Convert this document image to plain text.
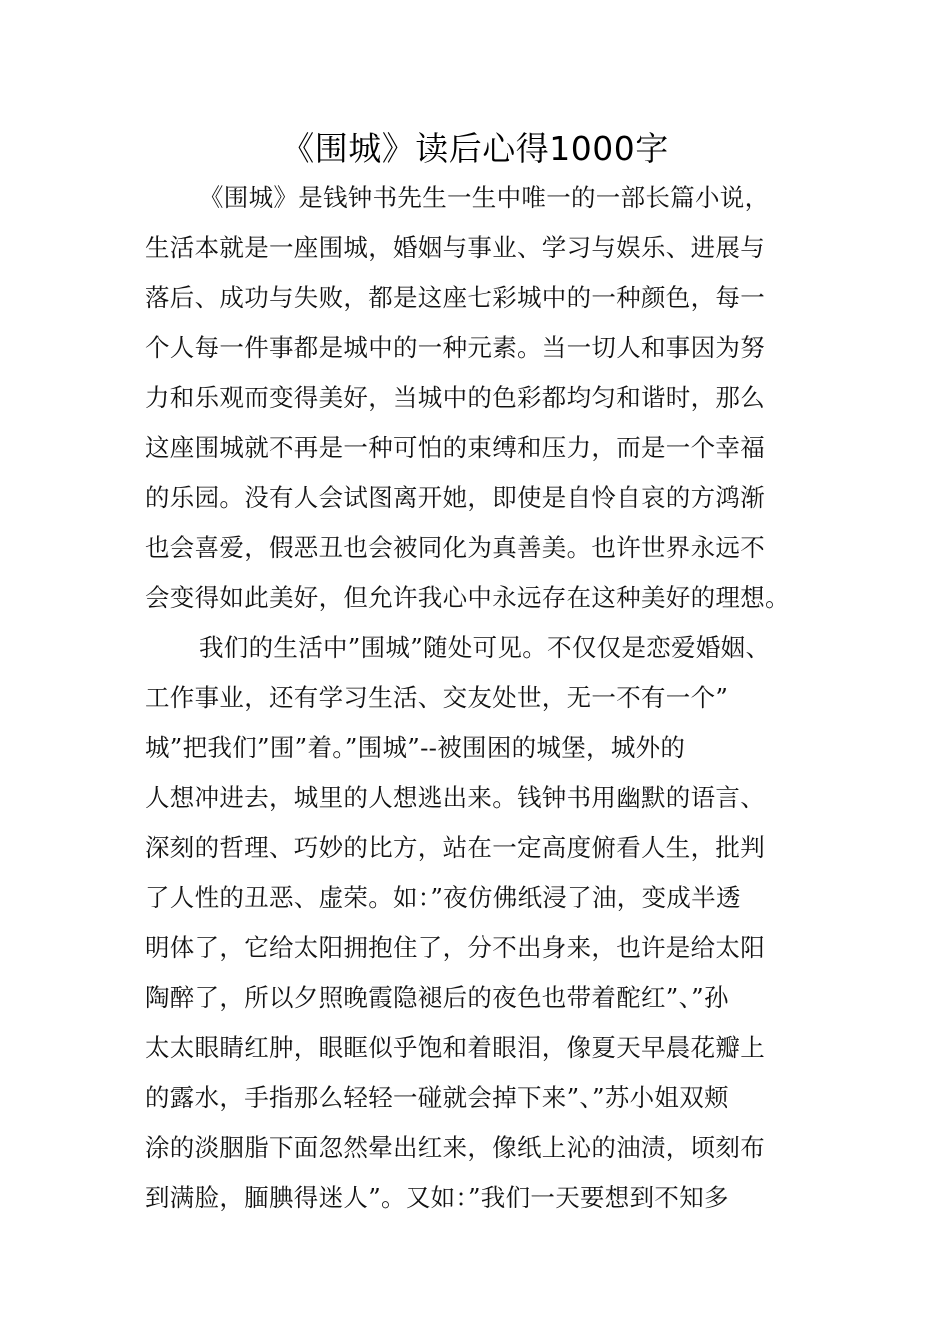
《围城》读后心得1000字
《围城》是钱钟书先生一生中唯一的一部长篇小说，
生活本就是一座围城，婚姻与事业、学习与娱乐、进展与
落后、成功与失败，都是这座七彩城中的一种颜色，每一
个人每一件事都是城中的一种元素。当一切人和事因为努
力和乐观而变得美好，当城中的色彩都均匀和谐时，那么
这座围城就不再是一种可怕的束缚和压力，而是一个幸福
的乐园。没有人会试图离开她，即使是自怜自哀的方鸿渐
也会喜爱，假恶丑也会被同化为真善美。也许世界永远不
会变得如此美好，但允许我心中永远存在这种美好的理想。
我们的生活中”围城”随处可见。不仅仅是恋爱婚姻、
工作事业，还有学习生活、交友处世，无一不有一个”
城”把我们”围”着。”围城”--被围困的城堡，城外的
人想冲进去，城里的人想逃出来。钱钟书用幽默的语言、
深刻的哲理、巧妙的比方，站在一定高度俯看人生，批判
了人性的丑恶、虚荣。如：”夜仿佛纸浸了油，变成半透
明体了，它给太阳拥抱住了，分不出身来，也许是给太阳
陶醉了，所以夕照晚霞隐褪后的夜色也带着酡红”、”孙
太太眼睛红肿，眼眶似乎饱和着眼泪，像夏天早晨花瓣上
的露水，手指那么轻轻一碰就会掉下来”、”苏小姐双颊
涂的淡胭脂下面忽然晕出红来，像纸上沁的油渍，顷刻布
到满脸，腼腆得迷人”。又如：”我们一天要想到不知多
